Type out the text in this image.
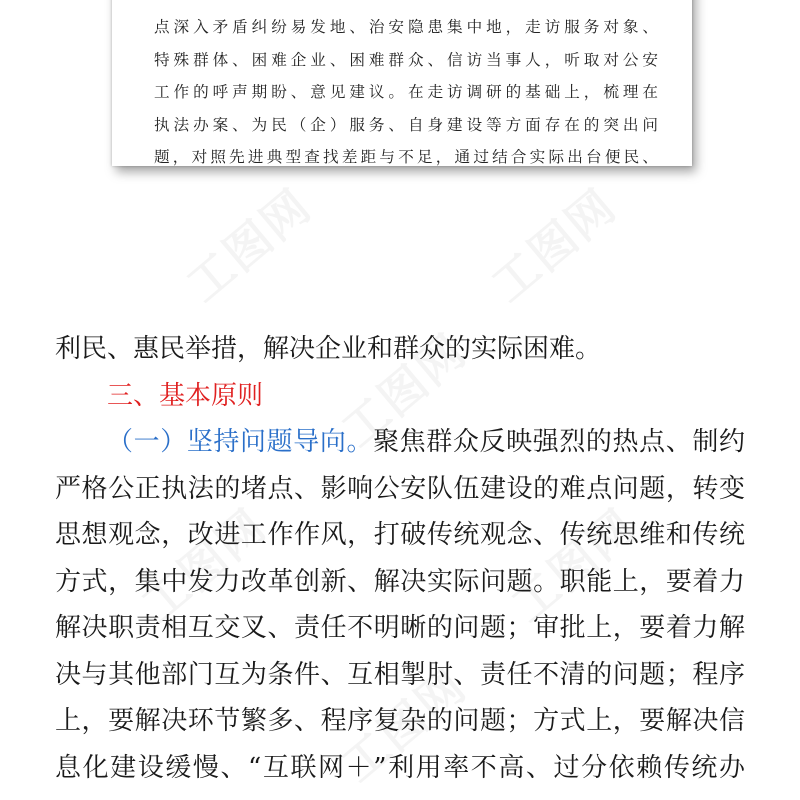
点深入矛盾纠纷易发地、治安隐患集中地，走访服务对象、
特殊群体、困难企业、困难群众、信访当事人，听取对公安
工作的呼声期盼、意见建议。在走访调研的基础上，梳理在
执法办案、为民（企）服务、自身建设等方面存在的突出问
题，对照先进典型查找差距与不足，通过结合实际出台便民、

工图网	工图网
工图网
工图网	工图网
工图网
利民、惠民举措，解决企业和群众的实际困难。
三、基本原则
（一）坚持问题导向。聚焦群众反映强烈的热点、制约
严格公正执法的堵点、影响公安队伍建设的难点问题，转变
思想观念，改进工作作风，打破传统观念、传统思维和传统
方式，集中发力改革创新、解决实际问题。职能上，要着力
解决职责相互交叉、责任不明晰的问题；审批上，要着力解
决与其他部门互为条件、互相掣肘、责任不清的问题；程序
上，要解决环节繁多、程序复杂的问题；方式上，要解决信
息化建设缓慢、“互联网＋”利用率不高、过分依赖传统办
